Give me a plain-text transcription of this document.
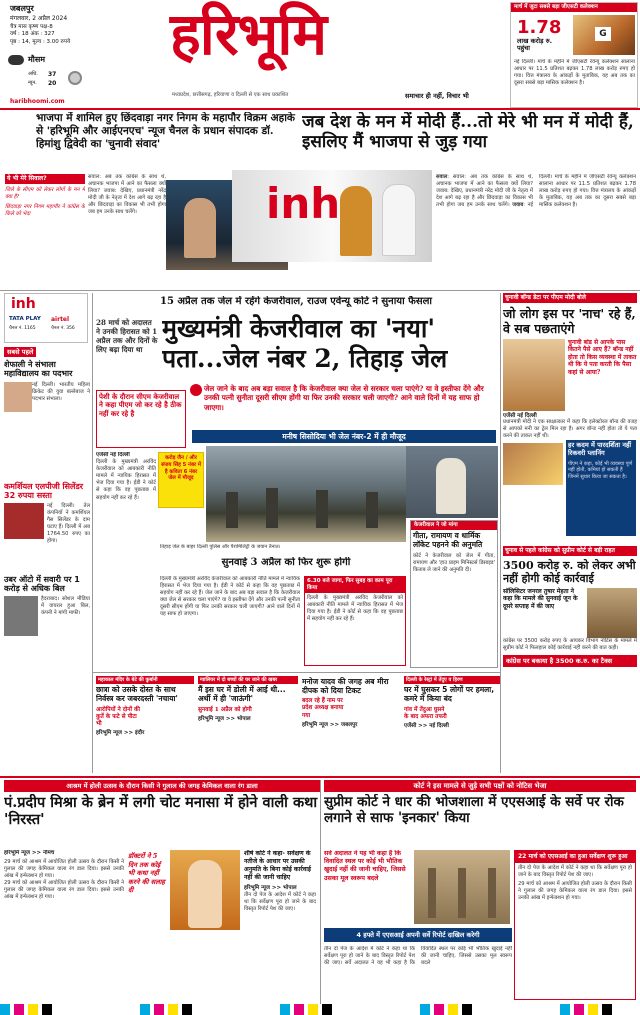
जबलपुर
मंगलवार, 2 अप्रैल 2024
चैत्र मास कृष्ण पक्ष-8
वर्ष : 18 अंक : 327
पृष्ठ : 14, मूल्य : 3.00 रुपये
मौसम
अधि. 37
न्यून. 20
हरिभूमि
मध्यप्रदेश, छत्तीसगढ़, हरियाणा व दिल्ली से एक साथ प्रकाशित	समाचार ही नहीं, विचार भी
haribhoomi.com
मार्च में जुटा सबसे बड़ा जीएसटी कलेक्शन
1.78
लाख करोड़ रु. पहुंचा
G
नई दिल्ली। मार्च के महीने में जीएसटी रेवेन्यू कलेक्शन सालाना आधार पर 11.5 प्रतिशत बढ़कर 1.78 लाख करोड़ रुपए हो गया। वित्त मंत्रालय के आंकड़ों के मुताबिक, यह अब तक का दूसरा सबसे बड़ा मासिक कलेक्शन है।
भाजपा में शामिल हुए छिंदवाड़ा नगर निगम के महापौर विक्रम अहाके से 'हरिभूमि और आईएनएच' न्यूज चैनल के प्रधान संपादक डॉ. हिमांशु द्विवेदी का 'चुनावी संवाद'
जब देश के मन में मोदी हैं...तो मेरे भी मन में मोदी हैं, इसलिए मैं भाजपा से जुड़ गया
ये भी मेरे सिवाल?
जिले के सीएम को लेकर लोगों के मन में क्या है?
छिंदवाड़ा नगर निगम महापौर ने कांग्रेस के किले को भेदा
सवाल: अब तक कांग्रेस के साथ थे, अचानक भाजपा में आने का फैसला क्यों लिया? जवाब: देखिए, प्रधानमंत्री नरेंद्र मोदी जी के नेतृत्व में देश आगे बढ़ रहा है और छिंदवाड़ा का विकास भी तभी होगा जब हम उनके साथ चलेंगे।	inh
सवाल: सवाल: अब तक कांग्रेस के साथ थे, अचानक भाजपा में आने का फैसला क्यों लिया? जवाब: देखिए, प्रधानमंत्री नरेंद्र मोदी जी के नेतृत्व में देश आगे बढ़ रहा है और छिंदवाड़ा का विकास भी तभी होगा जब हम उनके साथ चलेंगे। जवाब: नई दिल्ली। मार्च के महीने में जीएसटी रेवेन्यू कलेक्शन सालाना आधार पर 11.5 प्रतिशत बढ़कर 1.78 लाख करोड़ रुपए हो गया। वित्त मंत्रालय के आंकड़ों के मुताबिक, यह अब तक का दूसरा सबसे बड़ा मासिक कलेक्शन है।
inh
TATA PLAY airtel
चैनल नं. 1165	चैनल नं. 356
सबसे पहले
शेफाली ने संभाला महाविद्यालय का पदभार
नई दिल्ली। भारतीय महिला क्रिकेट की युवा बल्लेबाज ने पदभार संभाला।
कमर्शियल एलपीजी सिलेंडर 32 रुपया सस्ता
नई दिल्ली। तेल कंपनियों ने कमर्शियल गैस सिलेंडर के दाम घटाए हैं। दिल्ली में अब 1764.50 रुपए का होगा।
उबर ऑटो में सवारी पर 1 करोड़ से अधिक बिल
हैदराबाद। सोशल मीडिया में वायरल हुआ बिल, कंपनी ने मांगी माफी।
15 अप्रैल तक जेल में रहेंगे केजरीवाल, राउज एवेन्यू कोर्ट ने सुनाया फैसला
28 मार्च को अदालत ने उनकी हिरासत को 1 अप्रैल तक और दिनों के लिए बढ़ा दिया था
मुख्यमंत्री केजरीवाल का 'नया'
पता...जेल नंबर 2, तिहाड़ जेल
पेशी के दौरान सीएम केजरीवाल ने कहा पीएम जो कर रहे है ठीक नहीं कर रहे है
जेल जाने के बाद अब बड़ा सवाल है कि केजरीवाल क्या जेल से सरकार चला पाएंगे? या वे इस्तीफा देंगे और उनकी पत्नी सुनीता दूसरी सीएम होंगी या फिर उनकी सरकार चली जाएगी? आने वाले दिनों में यह साफ हो जाएगा।
मनीष सिसोदिया भी जेल नंबर-2 में ही मौजूद
एजेंसी नई दिल्ली
दिल्ली के मुख्यमंत्री अरविंद केजरीवाल को आबकारी नीति मामले में न्यायिक हिरासत में भेज दिया गया है। ईडी ने कोर्ट से कहा कि वह पूछताछ में सहयोग नहीं कर रहे हैं।
करोड़ जैन / और संजय सिंह 5 नंबर में है कविता 6 नंबर जेल में मौजूद
तिहाड़ जेल के बाहर दिल्ली पुलिस और पैरामिलिट्री के जवान तैनात।
सुनवाई 3 अप्रैल को फिर शुरू होगी
दिल्ली के मुख्यमंत्री अरविंद केजरीवाल को आबकारी नीति मामले में न्यायिक हिरासत में भेज दिया गया है। ईडी ने कोर्ट से कहा कि वह पूछताछ में सहयोग नहीं कर रहे हैं। जेल जाने के बाद अब बड़ा सवाल है कि केजरीवाल क्या जेल से सरकार चला पाएंगे? या वे इस्तीफा देंगे और उनकी पत्नी सुनीता दूसरी सीएम होंगी या फिर उनकी सरकार चली जाएगी? आने वाले दिनों में यह साफ हो जाएगा।
6.30 बजे जागा, फिर सुबह का काम पूरा किया
दिल्ली के मुख्यमंत्री अरविंद केजरीवाल को आबकारी नीति मामले में न्यायिक हिरासत में भेज दिया गया है। ईडी ने कोर्ट से कहा कि वह पूछताछ में सहयोग नहीं कर रहे हैं।
केजरीवाल ने जो मांगा
गीता, रामायण व धार्मिक लॉकेट पहनने की अनुमति
कोर्ट ने केजरीवाल को जेल में गीता, रामायण और 'हाउ प्राइम मिनिस्टर्स डिसाइड' किताब ले जाने की अनुमति दी।
चुनावी बॉन्ड डेटा पर पीएम मोदी बोले
जो लोग इस पर 'नाच' रहे हैं, वे सब पछताएंगे
चुनावी बांड से आपके पास कितने पैसे आए हैं? बॉन्ड नहीं होता तो किस व्यवस्था में ताकत थी कि ये पता करती कि पैसा कहां से आया?
एजेंसी नई दिल्ली
प्रधानमंत्री मोदी ने एक साक्षात्कार में कहा कि इलेक्टोरल बॉन्ड की वजह से आपको मनी का ट्रेल मिल रहा है। अगर बॉन्ड नहीं होता तो ये पता करने की ताकत नहीं थी।
हर कदम में पारदर्शिता नहीं रिकवरी प्लानिंग
पीएम ने कहा, कोई भी व्यवस्था पूर्ण नहीं होती, कमियां हो सकती हैं जिनमें सुधार किया जा सकता है।
चुनाव से पहले कांग्रेस को सुप्रीम कोर्ट से बड़ी राहत
3500 करोड़ रु. को लेकर अभी नहीं होगी कोई कार्रवाई
सॉलिसिटर जनरल तुषार मेहता ने कहा कि मामले की सुनवाई जून के दूसरे सप्ताह में की जाए
कांग्रेस पर 3500 करोड़ रुपए के आयकर विभाग नोटिस के मामले में सुप्रीम कोर्ट ने फिलहाल कोई कार्रवाई नहीं करने की बात कही।
कांग्रेस पर बकाया है 3500 क.रु. का टैक्स
महाकाल मंदिर के बेटे की कुर्बानी
छात्रा को उसके दोस्त के साथ निर्वस्त्र कर जबरदस्ती 'नचाया'
आरोपियों ने दोनों की कुर्ते के फटे से पीटा भी
हरिभूमि न्यूज >> इंदौर
ग्वालियर में दो बच्चों की घर जाने की खबर
मैं इस घर में डोली में आई थी... अर्थी में ही 'जाऊंगी'
सुनवाई 1 अप्रैल को होगी
हरिभूमि न्यूज >> भोपाल
मनोज यादव की जगह अब मीरा दीपक को दिया टिकट
बदल रहे हैं नाम पर प्रदेश अध्यक्ष बनाया गया
हरिभूमि न्यूज >> जबलपुर
दिल्ली के रेस्ट्रां में तेंदुए व हिरण
घर में घुसकर 5 लोगों पर हमला, कमरे में किया बंद
गांव में तेंदुआ घुसने के बाद अफरा तफरी
एजेंसी >> नई दिल्ली
आश्रम में होली उत्सव के दौरान किसी ने गुलाल की जगह केमिकल वाला रंग डाला
पं.प्रदीप मिश्रा के ब्रेन में लगी चोट मनासा में होने वाली कथा 'निरस्त'
हरिभूमि न्यूज >> नीमच
29 मार्च को आश्रम में आयोजित होली उत्सव के दौरान किसी ने गुलाल की जगह केमिकल वाला रंग डाल दिया। इससे उनकी आंख में इन्फेक्शन हो गया।
29 मार्च को आश्रम में आयोजित होली उत्सव के दौरान किसी ने गुलाल की जगह केमिकल वाला रंग डाल दिया। इससे उनकी आंख में इन्फेक्शन हो गया।
डॉक्टरों ने 5 दिन तक कोई भी कथा नहीं करने की सलाह दी
शीर्ष कोर्ट ने कहा- सर्वेक्षण के नतीजे के आधार पर उसकी अनुमति के बिना कोई कार्रवाई नहीं की जानी चाहिए
हरिभूमि न्यूज >> भोपाल
तीन दो पेज के आदेश में कोर्ट ने कहा था कि सर्वेक्षण पूरा हो जाने के बाद विस्तृत रिपोर्ट पेश की जाए।
कोर्ट ने इस मामले से जुड़े सभी पक्षों को नोटिस भेजा
सुप्रीम कोर्ट ने धार की भोजशाला में एएसआई के सर्वे पर रोक लगाने से साफ 'इनकार' किया
सर्वे अदालत ने यह भी कहा है कि विवादित स्थल पर कोई भी भौतिक खुदाई नहीं की जानी चाहिए, जिससे उसका मूल स्वरूप बदले
22 मार्च को एएसआई का हुआ सर्वेक्षण शुरू हुआ
तीन दो पेज के आदेश में कोर्ट ने कहा था कि सर्वेक्षण पूरा हो जाने के बाद विस्तृत रिपोर्ट पेश की जाए।
29 मार्च को आश्रम में आयोजित होली उत्सव के दौरान किसी ने गुलाल की जगह केमिकल वाला रंग डाल दिया। इससे उनकी आंख में इन्फेक्शन हो गया।
4 हफ्ते में एएसआई अपनी सर्वे रिपोर्ट दाखिल करेगी
तीन दो पेज के आदेश में कोर्ट ने कहा था कि सर्वेक्षण पूरा हो जाने के बाद विस्तृत रिपोर्ट पेश की जाए। सर्वे अदालत ने यह भी कहा है कि विवादित स्थल पर कोई भी भौतिक खुदाई नहीं की जानी चाहिए, जिससे उसका मूल स्वरूप बदले
